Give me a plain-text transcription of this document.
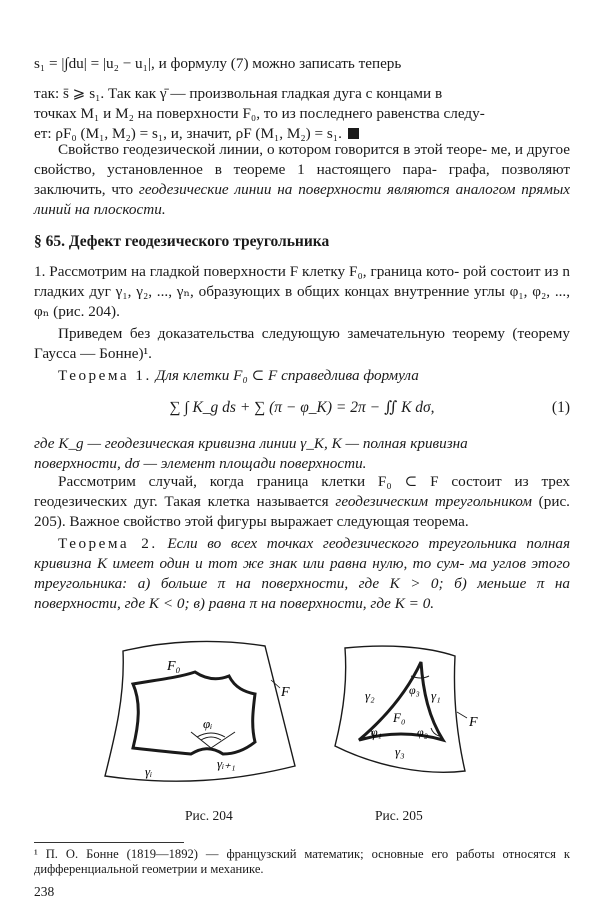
s₁ = |∫du| = |u₂ − u₁|, и формулу (7) можно записать теперь
так: s̄ ⩾ s₁. Так как γ̄ — произвольная гладкая дуга с концами в
точках M₁ и M₂ на поверхности F₀, то из последнего равенства следу-
ет: ρF₀ (M₁, M₂) = s₁, и, значит, ρF (M₁, M₂) = s₁.
Свойство геодезической линии, о котором говорится в этой теоре- ме, и другое свойство, установленное в теореме 1 настоящего пара- графа, позволяют заключить, что геодезические линии на поверхности являются аналогом прямых линий на плоскости.
§ 65. Дефект геодезического треугольника
1. Рассмотрим на гладкой поверхности F клетку F₀, граница кото- рой состоит из n гладких дуг γ₁, γ₂, ..., γₙ, образующих в общих концах внутренние углы φ₁, φ₂, ..., φₙ (рис. 204).
Приведем без доказательства следующую замечательную теорему (теорему Гаусса — Бонне)¹.
Теорема 1. Для клетки F₀ ⊂ F справедлива формула
∑ ∫ K_g ds + ∑ (π − φ_K) = 2π − ∬ K dσ,	(1)
где K_g — геодезическая кривизна линии γ_K, K — полная кривизна
поверхности, dσ — элемент площади поверхности.
Рассмотрим случай, когда граница клетки F₀ ⊂ F состоит из трех геодезических дуг. Такая клетка называется геодезическим треугольником (рис. 205). Важное свойство этой фигуры выражает следующая теорема.
Теорема 2. Если во всех точках геодезического треугольника полная кривизна K имеет один и тот же знак или равна нулю, то сум- ма углов этого треугольника: а) больше π на поверхности, где K > 0; б) меньше π на поверхности, где K < 0; в) равна π на поверхности, где K = 0.
F₀
F
φᵢ
γᵢ
γᵢ₊₁
γ₂	γ₁
γ₃
F₀
φ₃
φ₁	φ₂
F
Рис. 204	Рис. 205
¹ П. О. Бонне (1819—1892) — французский математик; основные его работы относятся к дифференциальной геометрии и механике.
238
